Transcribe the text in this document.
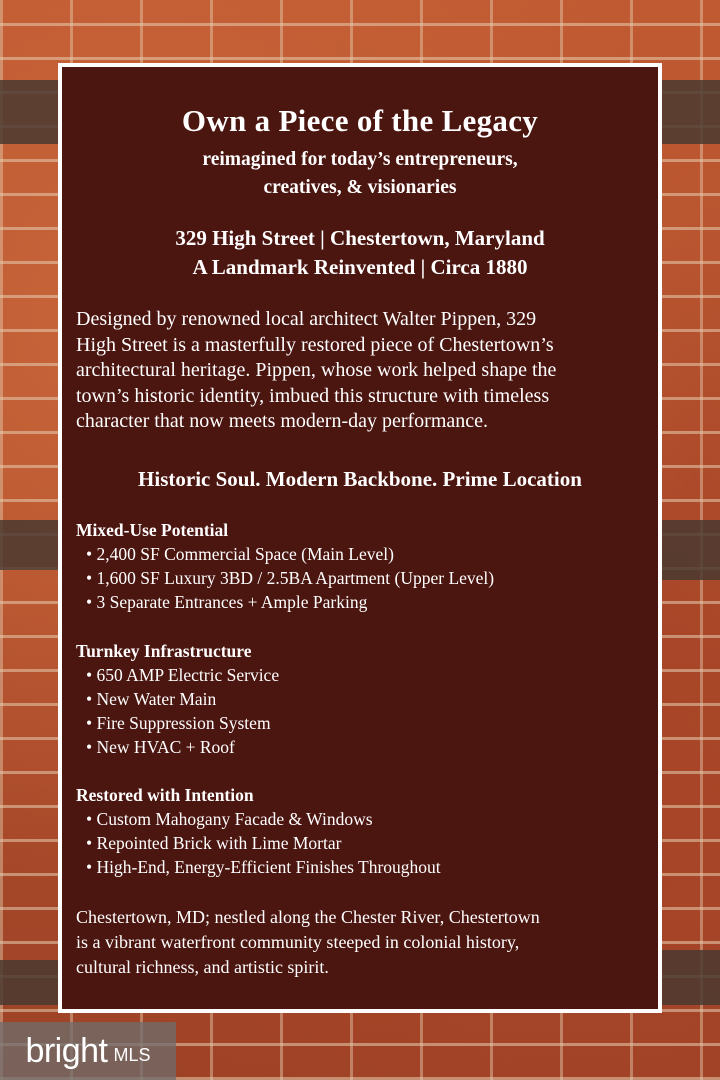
Own a Piece of the Legacy
reimagined for today’s entrepreneurs,
creatives, & visionaries
329 High Street | Chestertown, Maryland
A Landmark Reinvented | Circa 1880
Designed by renowned local architect Walter Pippen, 329
High Street is a masterfully restored piece of Chestertown’s
architectural heritage. Pippen, whose work helped shape the
town’s historic identity, imbued this structure with timeless
character that now meets modern-day performance.
Historic Soul. Modern Backbone. Prime Location
Mixed-Use Potential
• 2,400 SF Commercial Space (Main Level)
• 1,600 SF Luxury 3BD / 2.5BA Apartment (Upper Level)
• 3 Separate Entrances + Ample Parking
Turnkey Infrastructure
• 650 AMP Electric Service
• New Water Main
• Fire Suppression System
• New HVAC + Roof
Restored with Intention
• Custom Mahogany Facade & Windows
• Repointed Brick with Lime Mortar
• High-End, Energy-Efficient Finishes Throughout
Chestertown, MD; nestled along the Chester River, Chestertown
is a vibrant waterfront community steeped in colonial history,
cultural richness, and artistic spirit.
bright MLS
